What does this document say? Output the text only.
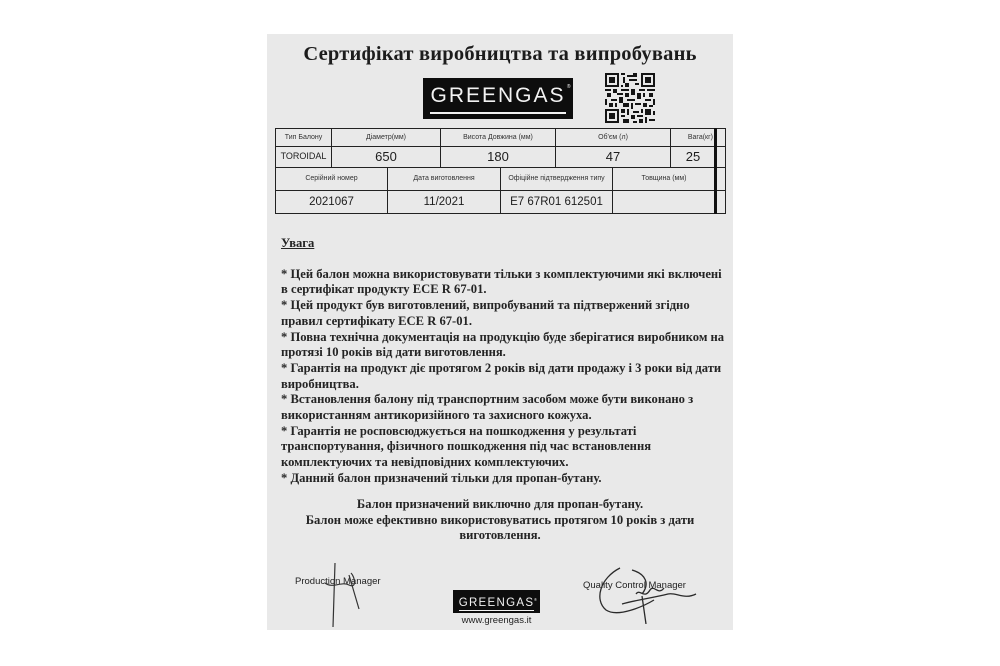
Сертифікат виробництва та випробувань
GREENGAS ®
Тип Балону	Діаметр(мм)	Висота Довжина (мм)	Об'єм (л)	Вага(кг)
TOROIDAL	650	180	47	25
Серійний номер	Дата виготовлення	Офіційне підтвердження типу	Товщина (мм)
2021067	11/2021	E7 67R01 612501
Увага

* Цей балон можна використовувати тільки з комплектуючими які включені в сертифікат продукту ECE R 67-01.

* Цей продукт був виготовлений, випробуваний та підтвержений згідно правил сертифікату ECE R 67-01.

* Повна технічна документація на продукцію буде зберігатися виробником на протязі 10 років від дати виготовлення.

* Гарантія на продукт діє протягом 2 років від дати продажу і 3 роки від дати виробництва.

* Встановлення балону під транспортним засобом може бути виконано з використанням антикоризійного та захисного кожуха.

* Гарантія не росповсюджується на пошкодження у результаті транспортування, фізичного пошкодження під час встановлення комплектуючих та невідповідних комплектуючих.

* Данний балон призначений тільки для пропан-бутану.

Балон призначений виключно для пропан-бутану.

Балон може ефективно використовуватись протягом 10 років з дати виготовлення.

Production Manager	Quality Control Manager
GREENGAS ®
www.greengas.it
